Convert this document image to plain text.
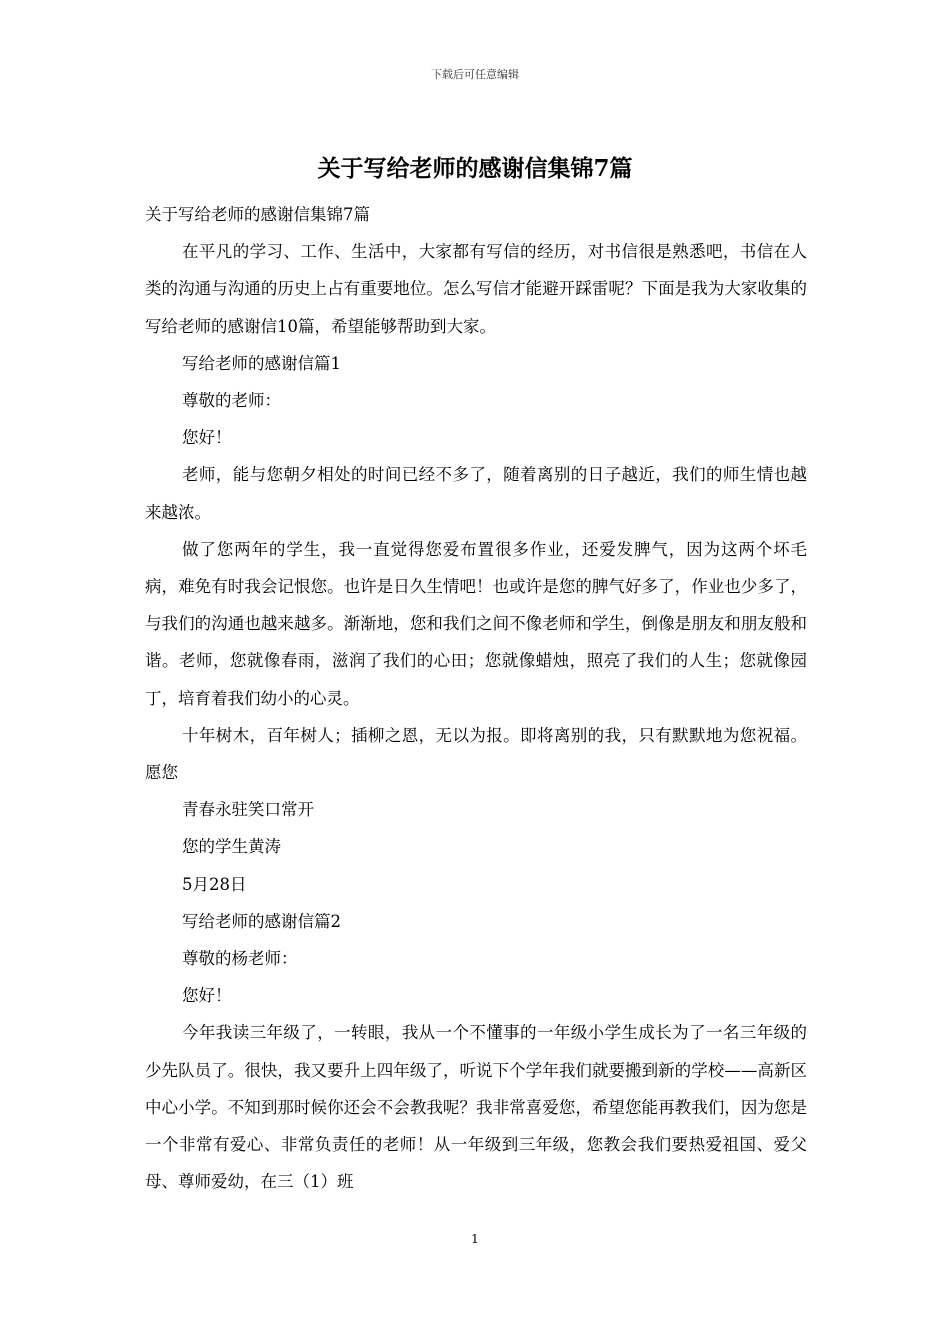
下载后可任意编辑
关于写给老师的感谢信集锦7篇

关于写给老师的感谢信集锦7篇

在平凡的学习、工作、生活中，大家都有写信的经历，对书信很是熟悉吧，书信在人类的沟通与沟通的历史上占有重要地位。怎么写信才能避开踩雷呢？下面是我为大家收集的写给老师的感谢信10篇，希望能够帮助到大家。

写给老师的感谢信篇1

尊敬的老师：

您好！

老师，能与您朝夕相处的时间已经不多了，随着离别的日子越近，我们的师生情也越来越浓。

做了您两年的学生，我一直觉得您爱布置很多作业，还爱发脾气，因为这两个坏毛病，难免有时我会记恨您。也许是日久生情吧！也或许是您的脾气好多了，作业也少多了，与我们的沟通也越来越多。渐渐地，您和我们之间不像老师和学生，倒像是朋友和朋友般和谐。老师，您就像春雨，滋润了我们的心田；您就像蜡烛，照亮了我们的人生；您就像园丁，培育着我们幼小的心灵。

十年树木，百年树人；插柳之恩，无以为报。即将离别的我，只有默默地为您祝福。愿您

青春永驻笑口常开

您的学生黄涛

5月28日

写给老师的感谢信篇2

尊敬的杨老师：

您好！

今年我读三年级了，一转眼，我从一个不懂事的一年级小学生成长为了一名三年级的少先队员了。很快，我又要升上四年级了，听说下个学年我们就要搬到新的学校——高新区中心小学。不知到那时候你还会不会教我呢？我非常喜爱您，希望您能再教我们，因为您是一个非常有爱心、非常负责任的老师！从一年级到三年级，您教会我们要热爱祖国、爱父母、尊师爱幼，在三（1）班

1
